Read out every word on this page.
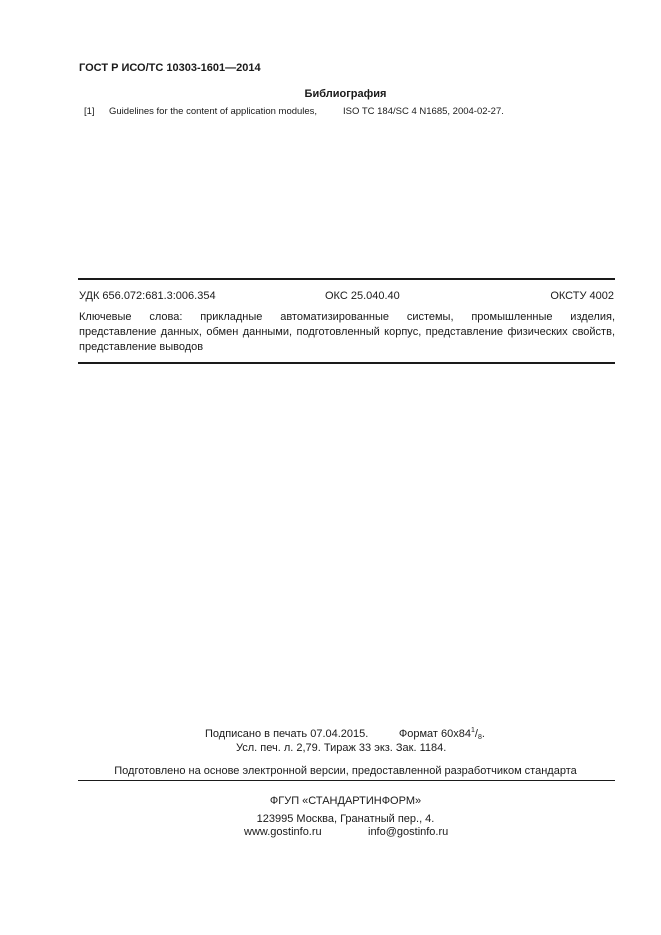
ГОСТ Р ИСО/ТС 10303-1601—2014
Библиография
[1] Guidelines for the content of application modules,	ISO TC 184/SC 4 N1685, 2004-02-27.
УДК 656.072:681.3:006.354	ОКС 25.040.40	ОКСТУ 4002
Ключевые слова: прикладные автоматизированные системы, промышленные изделия,
представление данных, обмен данными, подготовленный корпус, представление физических свойств,
представление выводов
Подписано в печать 07.04.2015.	Формат $60x84^1/_8$.
Усл. печ. л. 2,79. Тираж 33 экз. Зак. 1184.
Подготовлено на основе электронной версии, предоставленной разработчиком стандарта
ФГУП «СТАНДАРТИНФОРМ»
123995 Москва, Гранатный пер., 4.
www.gostinfo.ru	info@gostinfo.ru
